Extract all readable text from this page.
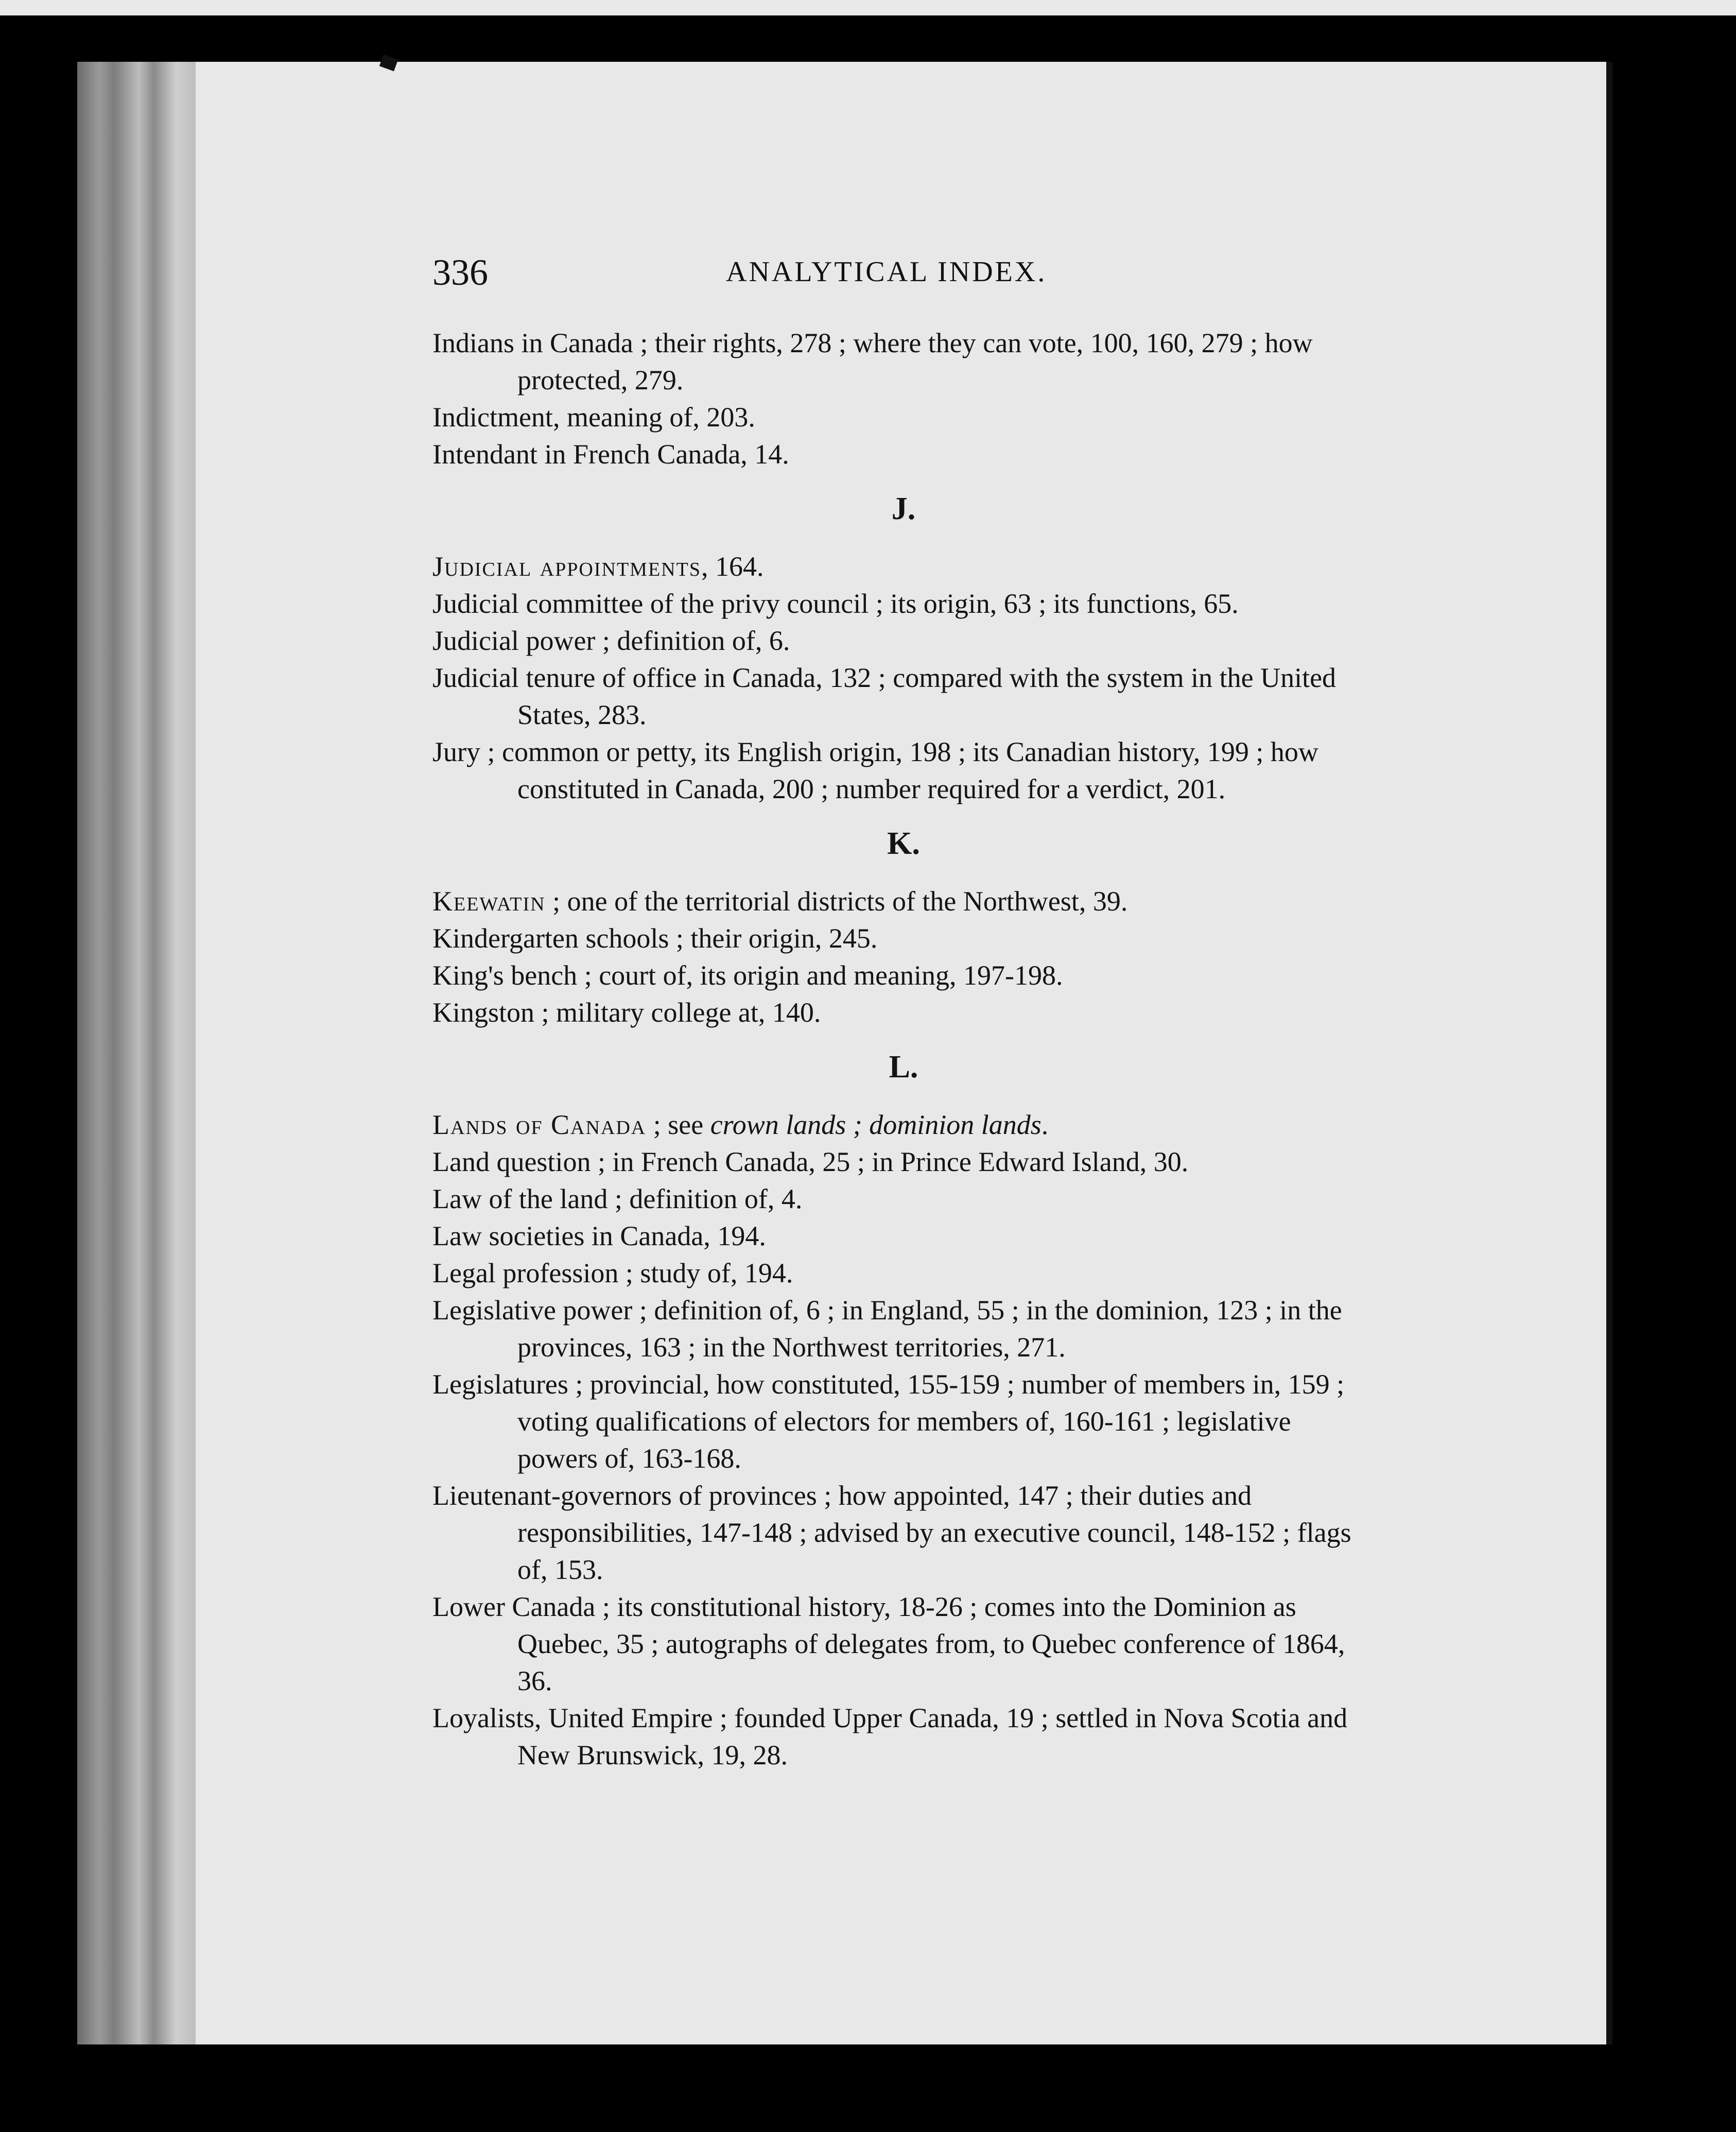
336	ANALYTICAL INDEX.
Indians in Canada ; their rights, 278 ; where they can vote, 100, 160, 279 ; how protected, 279.
Indictment, meaning of, 203.
Intendant in French Canada, 14.
J.
Judicial appointments, 164.
Judicial committee of the privy council ; its origin, 63 ; its functions, 65.
Judicial power ; definition of, 6.
Judicial tenure of office in Canada, 132 ; compared with the system in the United States, 283.
Jury ; common or petty, its English origin, 198 ; its Canadian history, 199 ; how constituted in Canada, 200 ; number required for a verdict, 201.
K.
Keewatin ; one of the territorial districts of the Northwest, 39.
Kindergarten schools ; their origin, 245.
King's bench ; court of, its origin and meaning, 197-198.
Kingston ; military college at, 140.
L.
Lands of Canada ; see crown lands ; dominion lands.
Land question ; in French Canada, 25 ; in Prince Edward Island, 30.
Law of the land ; definition of, 4.
Law societies in Canada, 194.
Legal profession ; study of, 194.
Legislative power ; definition of, 6 ; in England, 55 ; in the dominion, 123 ; in the provinces, 163 ; in the Northwest territories, 271.
Legislatures ; provincial, how constituted, 155-159 ; number of members in, 159 ; voting qualifications of electors for members of, 160-161 ; legislative powers of, 163-168.
Lieutenant-governors of provinces ; how appointed, 147 ; their duties and responsibilities, 147-148 ; advised by an executive council, 148-152 ; flags of, 153.
Lower Canada ; its constitutional history, 18-26 ; comes into the Dominion as Quebec, 35 ; autographs of delegates from, to Quebec conference of 1864, 36.
Loyalists, United Empire ; founded Upper Canada, 19 ; settled in Nova Scotia and New Brunswick, 19, 28.
